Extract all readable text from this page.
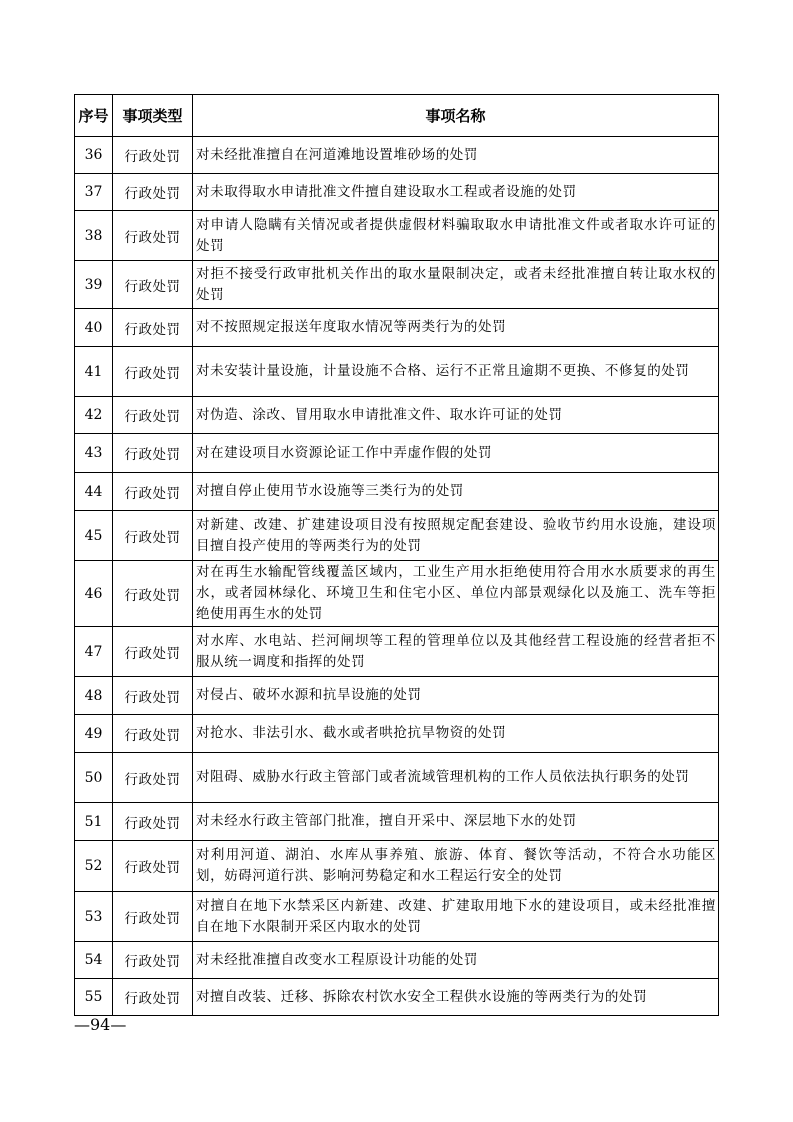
序号	事项类型	事项名称
36	行政处罚	对未经批准擅自在河道滩地设置堆砂场的处罚
37	行政处罚	对未取得取水申请批准文件擅自建设取水工程或者设施的处罚
38	行政处罚	对申请人隐瞒有关情况或者提供虚假材料骗取取水申请批准文件或者取水许可证的处罚
39	行政处罚	对拒不接受行政审批机关作出的取水量限制决定，或者未经批准擅自转让取水权的处罚
40	行政处罚	对不按照规定报送年度取水情况等两类行为的处罚
41	行政处罚	对未安装计量设施，计量设施不合格、运行不正常且逾期不更换、不修复的处罚
42	行政处罚	对伪造、涂改、冒用取水申请批准文件、取水许可证的处罚
43	行政处罚	对在建设项目水资源论证工作中弄虚作假的处罚
44	行政处罚	对擅自停止使用节水设施等三类行为的处罚
45	行政处罚	对新建、改建、扩建建设项目没有按照规定配套建设、验收节约用水设施，建设项目擅自投产使用的等两类行为的处罚
46	行政处罚	对在再生水输配管线覆盖区域内，工业生产用水拒绝使用符合用水水质要求的再生水，或者园林绿化、环境卫生和住宅小区、单位内部景观绿化以及施工、洗车等拒绝使用再生水的处罚
47	行政处罚	对水库、水电站、拦河闸坝等工程的管理单位以及其他经营工程设施的经营者拒不服从统一调度和指挥的处罚
48	行政处罚	对侵占、破坏水源和抗旱设施的处罚
49	行政处罚	对抢水、非法引水、截水或者哄抢抗旱物资的处罚
50	行政处罚	对阻碍、威胁水行政主管部门或者流域管理机构的工作人员依法执行职务的处罚
51	行政处罚	对未经水行政主管部门批准，擅自开采中、深层地下水的处罚
52	行政处罚	对利用河道、湖泊、水库从事养殖、旅游、体育、餐饮等活动，不符合水功能区划，妨碍河道行洪、影响河势稳定和水工程运行安全的处罚
53	行政处罚	对擅自在地下水禁采区内新建、改建、扩建取用地下水的建设项目，或未经批准擅自在地下水限制开采区内取水的处罚
54	行政处罚	对未经批准擅自改变水工程原设计功能的处罚
55	行政处罚	对擅自改装、迁移、拆除农村饮水安全工程供水设施的等两类行为的处罚
—94—
